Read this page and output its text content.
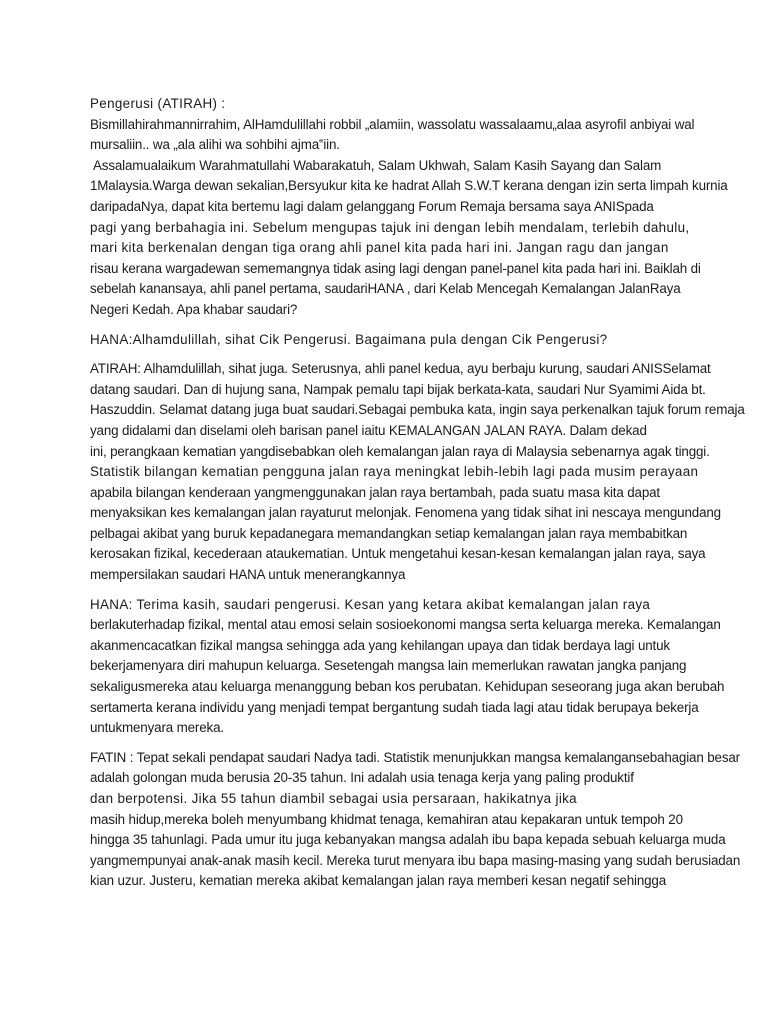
Pengerusi (ATIRAH) :
Bismillahirahmannirrahim, AlHamdulillahi robbil „alamiin, wassolatu wassalaamu„alaa asyrofil anbiyai wal
mursaliin.. wa „ala alihi wa sohbihi ajma‟iin.
Assalamualaikum Warahmatullahi Wabarakatuh, Salam Ukhwah, Salam Kasih Sayang dan Salam
1Malaysia.Warga dewan sekalian,Bersyukur kita ke hadrat Allah S.W.T kerana dengan izin serta limpah kurnia
daripadaNya, dapat kita bertemu lagi dalam gelanggang Forum Remaja bersama saya ANISpada
pagi yang berbahagia ini. Sebelum mengupas tajuk ini dengan lebih mendalam, terlebih dahulu,
mari kita berkenalan dengan tiga orang ahli panel kita pada hari ini. Jangan ragu dan jangan
risau kerana wargadewan sememangnya tidak asing lagi dengan panel-panel kita pada hari ini. Baiklah di
sebelah kanansaya, ahli panel pertama, saudariHANA , dari Kelab Mencegah Kemalangan JalanRaya
Negeri Kedah. Apa khabar saudari?
HANA:Alhamdulillah, sihat Cik Pengerusi. Bagaimana pula dengan Cik Pengerusi?
ATIRAH: Alhamdulillah, sihat juga. Seterusnya, ahli panel kedua, ayu berbaju kurung, saudari ANISSelamat
datang saudari. Dan di hujung sana, Nampak pemalu tapi bijak berkata-kata, saudari Nur Syamimi Aida bt.
Haszuddin. Selamat datang juga buat saudari.Sebagai pembuka kata, ingin saya perkenalkan tajuk forum remaja
yang didalami dan diselami oleh barisan panel iaitu KEMALANGAN JALAN RAYA. Dalam dekad
ini, perangkaan kematian yangdisebabkan oleh kemalangan jalan raya di Malaysia sebenarnya agak tinggi.
Statistik bilangan kematian pengguna jalan raya meningkat lebih-lebih lagi pada musim perayaan
apabila bilangan kenderaan yangmenggunakan jalan raya bertambah, pada suatu masa kita dapat
menyaksikan kes kemalangan jalan rayaturut melonjak. Fenomena yang tidak sihat ini nescaya mengundang
pelbagai akibat yang buruk kepadanegara memandangkan setiap kemalangan jalan raya membabitkan
kerosakan fizikal, kecederaan ataukematian. Untuk mengetahui kesan-kesan kemalangan jalan raya, saya
mempersilakan saudari HANA untuk menerangkannya
HANA: Terima kasih, saudari pengerusi. Kesan yang ketara akibat kemalangan jalan raya
berlakuterhadap fizikal, mental atau emosi selain sosioekonomi mangsa serta keluarga mereka. Kemalangan
akanmencacatkan fizikal mangsa sehingga ada yang kehilangan upaya dan tidak berdaya lagi untuk
bekerjamenyara diri mahupun keluarga. Sesetengah mangsa lain memerlukan rawatan jangka panjang
sekaligusmereka atau keluarga menanggung beban kos perubatan. Kehidupan seseorang juga akan berubah
sertamerta kerana individu yang menjadi tempat bergantung sudah tiada lagi atau tidak berupaya bekerja
untukmenyara mereka.
FATIN : Tepat sekali pendapat saudari Nadya tadi. Statistik menunjukkan mangsa kemalangansebahagian besar
adalah golongan muda berusia 20-35 tahun. Ini adalah usia tenaga kerja yang paling produktif
dan berpotensi. Jika 55 tahun diambil sebagai usia persaraan, hakikatnya jika
masih hidup,mereka boleh menyumbang khidmat tenaga, kemahiran atau kepakaran untuk tempoh 20
hingga 35 tahunlagi. Pada umur itu juga kebanyakan mangsa adalah ibu bapa kepada sebuah keluarga muda
yangmempunyai anak-anak masih kecil. Mereka turut menyara ibu bapa masing-masing yang sudah berusiadan
kian uzur. Justeru, kematian mereka akibat kemalangan jalan raya memberi kesan negatif sehingga
